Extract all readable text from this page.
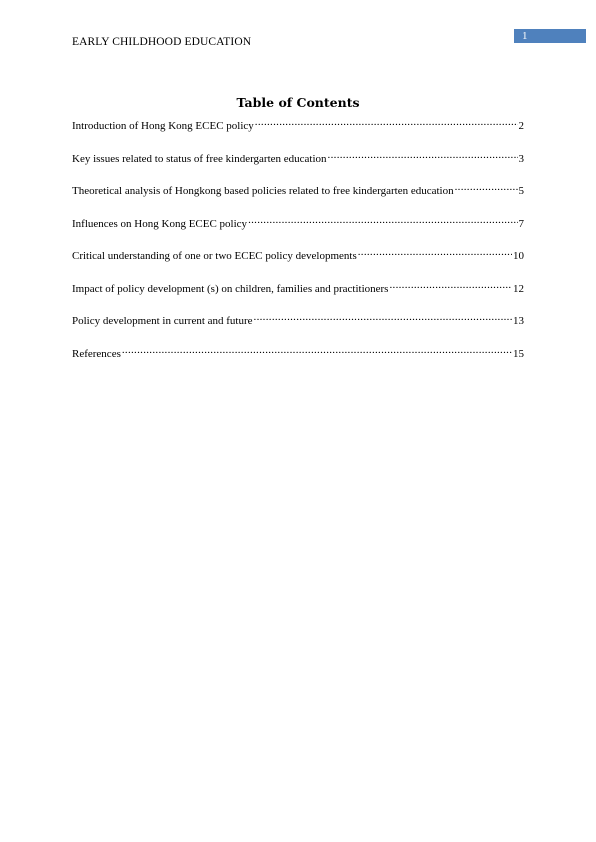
EARLY CHILDHOOD EDUCATION	1
Table of Contents
Introduction of Hong Kong ECEC policy .....	2
Key issues related to status of free kindergarten education .....	3
Theoretical analysis of Hongkong based policies related to free kindergarten education .....	5
Influences on Hong Kong ECEC policy .....	7
Critical understanding of one or two ECEC policy developments .....	10
Impact of policy development (s) on children, families and practitioners .....	12
Policy development in current and future .....	13
References .....	15
